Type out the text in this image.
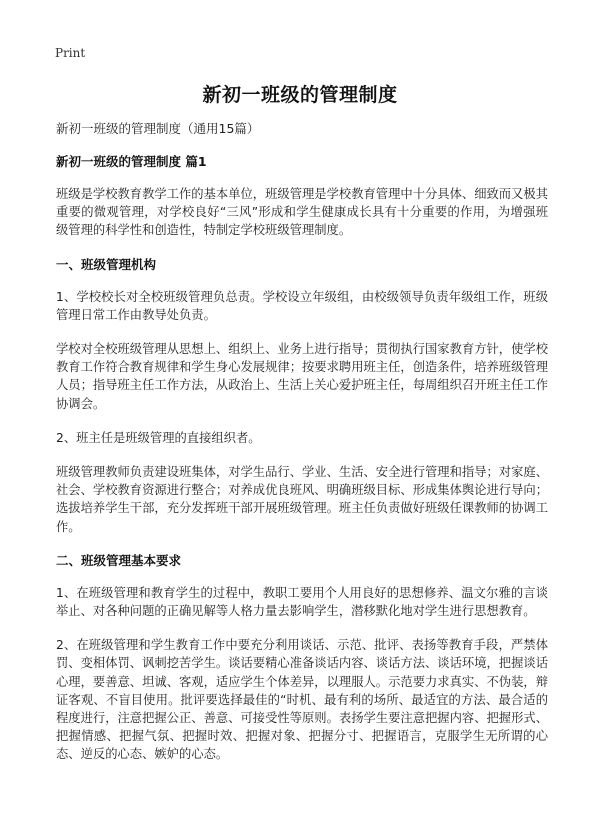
Print
新初一班级的管理制度

新初一班级的管理制度（通用15篇）

新初一班级的管理制度 篇1

班级是学校教育教学工作的基本单位，班级管理是学校教育管理中十分具体、细致而又极其重要的微观管理，对学校良好“三风”形成和学生健康成长具有十分重要的作用，为增强班级管理的科学性和创造性，特制定学校班级管理制度。

一、班级管理机构

1、学校校长对全校班级管理负总责。学校设立年级组，由校级领导负责年级组工作，班级管理日常工作由教导处负责。

学校对全校班级管理从思想上、组织上、业务上进行指导；贯彻执行国家教育方针，使学校教育工作符合教育规律和学生身心发展规律；按要求聘用班主任，创造条件，培养班级管理人员；指导班主任工作方法，从政治上、生活上关心爱护班主任，每周组织召开班主任工作协调会。

2、班主任是班级管理的直接组织者。

班级管理教师负责建设班集体，对学生品行、学业、生活、安全进行管理和指导；对家庭、社会、学校教育资源进行整合；对养成优良班风、明确班级目标、形成集体舆论进行导向；选拔培养学生干部，充分发挥班干部开展班级管理。班主任负责做好班级任课教师的协调工作。

二、班级管理基本要求

1、在班级管理和教育学生的过程中，教职工要用个人用良好的思想修养、温文尔雅的言谈举止、对各种问题的正确见解等人格力量去影响学生，潜移默化地对学生进行思想教育。

2、在班级管理和学生教育工作中要充分利用谈话、示范、批评、表扬等教育手段，严禁体罚、变相体罚、讽刺挖苦学生。谈话要精心准备谈话内容、谈话方法、谈话环境，把握谈话心理，要善意、坦诚、客观，适应学生个体差异，以理服人。示范要力求真实、不伪装，辩证客观、不盲目使用。批评要选择最佳的“时机、最有利的场所、最适宜的方法、最合适的程度进行，注意把握公正、善意、可接受性等原则。表扬学生要注意把握内容、把握形式、把握情感、把握气氛、把握时效、把握对象、把握分寸、把握语言，克服学生无所谓的心态、逆反的心态、嫉妒的心态。
